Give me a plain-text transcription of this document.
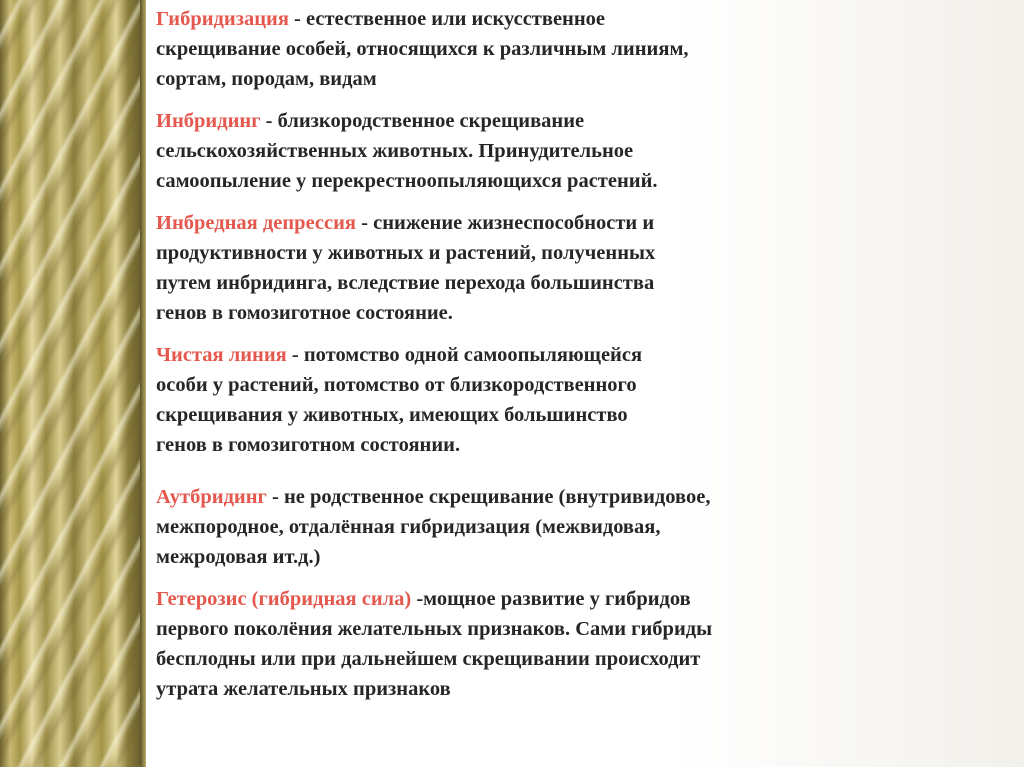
Гибридизация - естественное или искусственное
скрещивание особей, относящихся к различным линиям,
сортам, породам, видам
Инбридинг - близкородственное скрещивание
сельскохозяйственных животных. Принудительное
самоопыление у перекрестноопыляющихся растений.
Инбредная депрессия - снижение жизнеспособности и
продуктивности у животных и растений, полученных
путем инбридинга, вследствие перехода большинства
генов в гомозиготное состояние.
Чистая линия - потомство одной самоопыляющейся
особи у растений, потомство от близкородственного
скрещивания у животных, имеющих большинство
генов в гомозиготном состоянии.
Аутбридинг - не родственное скрещивание (внутривидовое,
межпородное, отдалённая гибридизация (межвидовая,
межродовая ит.д.)
Гетерозис (гибридная сила) -мощное развитие у гибридов
первого поколёния желательных признаков. Сами гибриды
бесплодны или при дальнейшем скрещивании происходит
утрата желательных признаков
